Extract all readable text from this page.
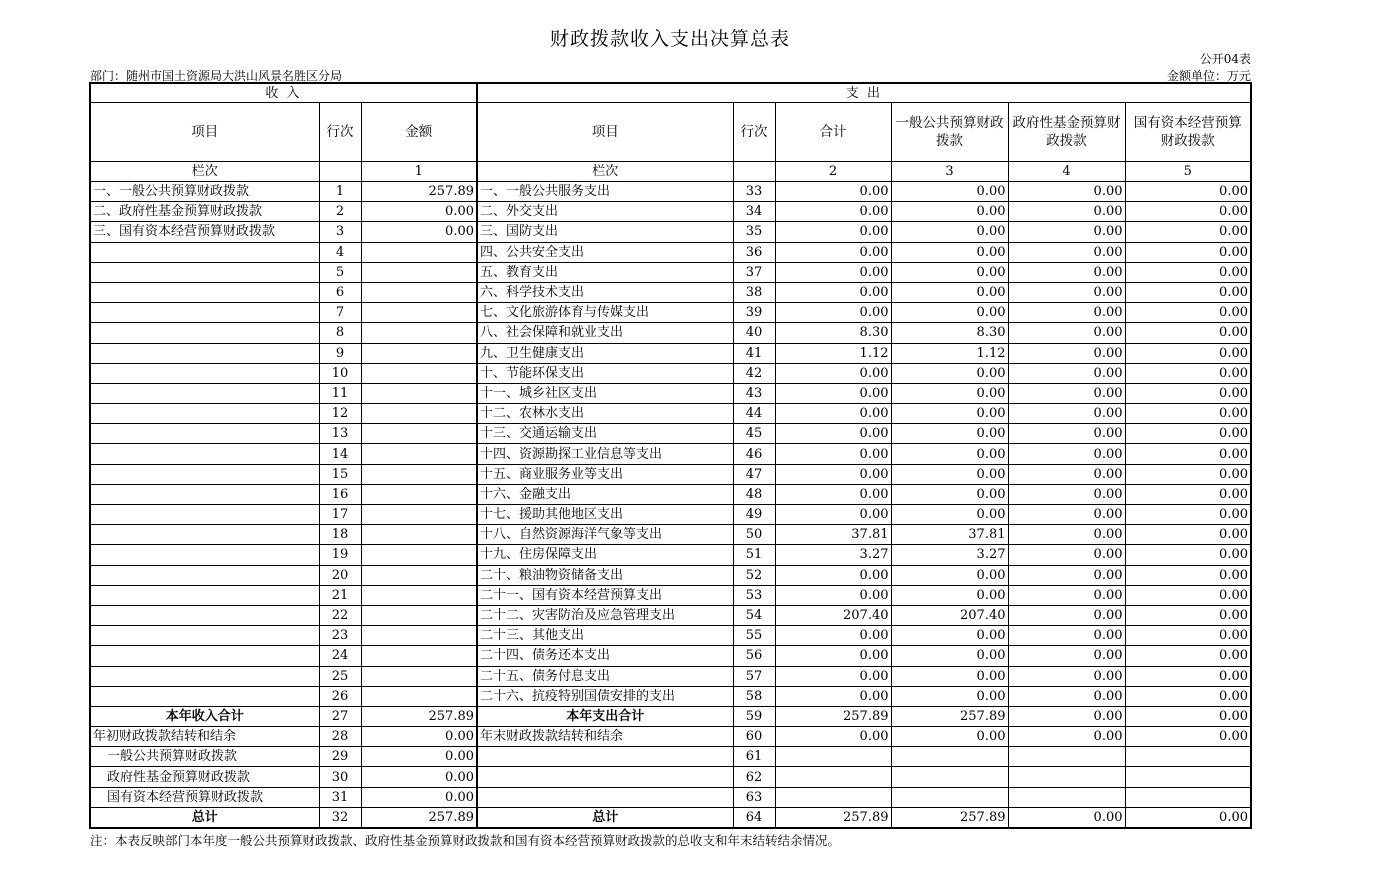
财政拨款收入支出决算总表
公开04表
部门：随州市国土资源局大洪山风景名胜区分局	金额单位：万元
收 入			支 出					
项目	行次	金额	项目	行次	合计	一般公共预算财政拨款	政府性基金预算财政拨款	国有资本经营预算财政拨款
栏次		1	栏次		2	3	4	5
一、一般公共预算财政拨款	1	257.89	一、一般公共服务支出	33	0.00	0.00	0.00	0.00
二、政府性基金预算财政拨款	2	0.00	二、外交支出	34	0.00	0.00	0.00	0.00
三、国有资本经营预算财政拨款	3	0.00	三、国防支出	35	0.00	0.00	0.00	0.00
	4		四、公共安全支出	36	0.00	0.00	0.00	0.00
	5		五、教育支出	37	0.00	0.00	0.00	0.00
	6		六、科学技术支出	38	0.00	0.00	0.00	0.00
	7		七、文化旅游体育与传媒支出	39	0.00	0.00	0.00	0.00
	8		八、社会保障和就业支出	40	8.30	8.30	0.00	0.00
	9		九、卫生健康支出	41	1.12	1.12	0.00	0.00
	10		十、节能环保支出	42	0.00	0.00	0.00	0.00
	11		十一、城乡社区支出	43	0.00	0.00	0.00	0.00
	12		十二、农林水支出	44	0.00	0.00	0.00	0.00
	13		十三、交通运输支出	45	0.00	0.00	0.00	0.00
	14		十四、资源勘探工业信息等支出	46	0.00	0.00	0.00	0.00
	15		十五、商业服务业等支出	47	0.00	0.00	0.00	0.00
	16		十六、金融支出	48	0.00	0.00	0.00	0.00
	17		十七、援助其他地区支出	49	0.00	0.00	0.00	0.00
	18		十八、自然资源海洋气象等支出	50	37.81	37.81	0.00	0.00
	19		十九、住房保障支出	51	3.27	3.27	0.00	0.00
	20		二十、粮油物资储备支出	52	0.00	0.00	0.00	0.00
	21		二十一、国有资本经营预算支出	53	0.00	0.00	0.00	0.00
	22		二十二、灾害防治及应急管理支出	54	207.40	207.40	0.00	0.00
	23		二十三、其他支出	55	0.00	0.00	0.00	0.00
	24		二十四、债务还本支出	56	0.00	0.00	0.00	0.00
	25		二十五、债务付息支出	57	0.00	0.00	0.00	0.00
	26		二十六、抗疫特别国债安排的支出	58	0.00	0.00	0.00	0.00
本年收入合计	27	257.89	本年支出合计	59	257.89	257.89	0.00	0.00
年初财政拨款结转和结余	28	0.00	年末财政拨款结转和结余	60	0.00	0.00	0.00	0.00
一般公共预算财政拨款	29	0.00		61				
政府性基金预算财政拨款	30	0.00		62				
国有资本经营预算财政拨款	31	0.00		63				
总计	32	257.89	总计	64	257.89	257.89	0.00	0.00
注：本表反映部门本年度一般公共预算财政拨款、政府性基金预算财政拨款和国有资本经营预算财政拨款的总收支和年末结转结余情况。
